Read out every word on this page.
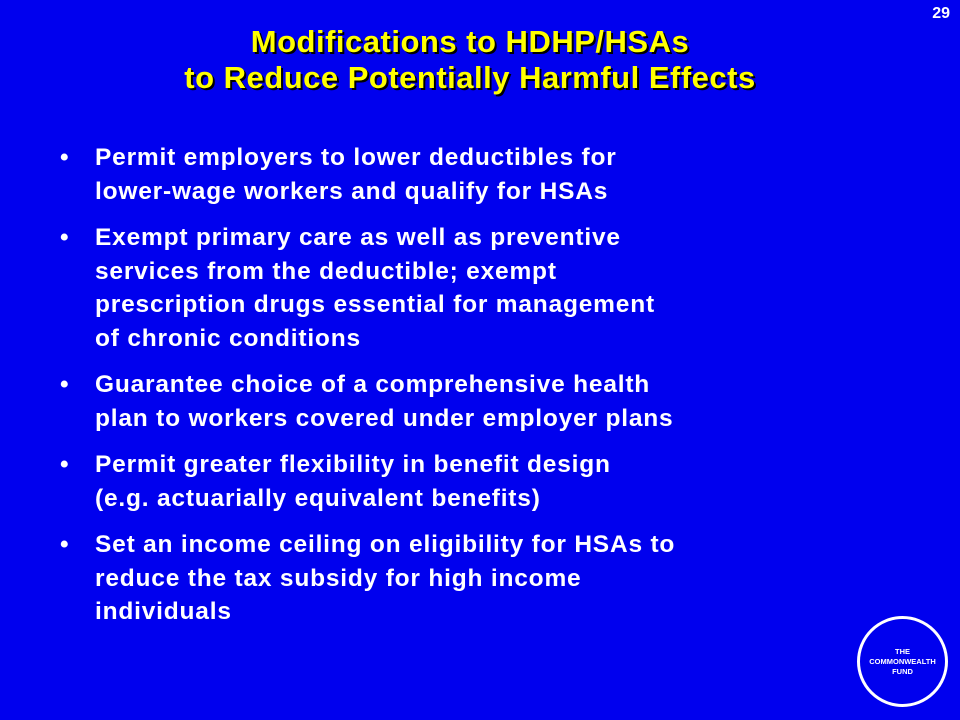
29
Modifications to HDHP/HSAs
to Reduce Potentially Harmful Effects
• Permit employers to lower deductibles for
lower-wage workers and qualify for HSAs
• Exempt primary care as well as preventive
services from the deductible; exempt
prescription drugs essential for management
of chronic conditions
• Guarantee choice of a comprehensive health
plan to workers covered under employer plans
• Permit greater flexibility in benefit design
(e.g. actuarially equivalent benefits)
• Set an income ceiling on eligibility for HSAs to
reduce the tax subsidy for high income
individuals
THE
COMMONWEALTH
FUND
